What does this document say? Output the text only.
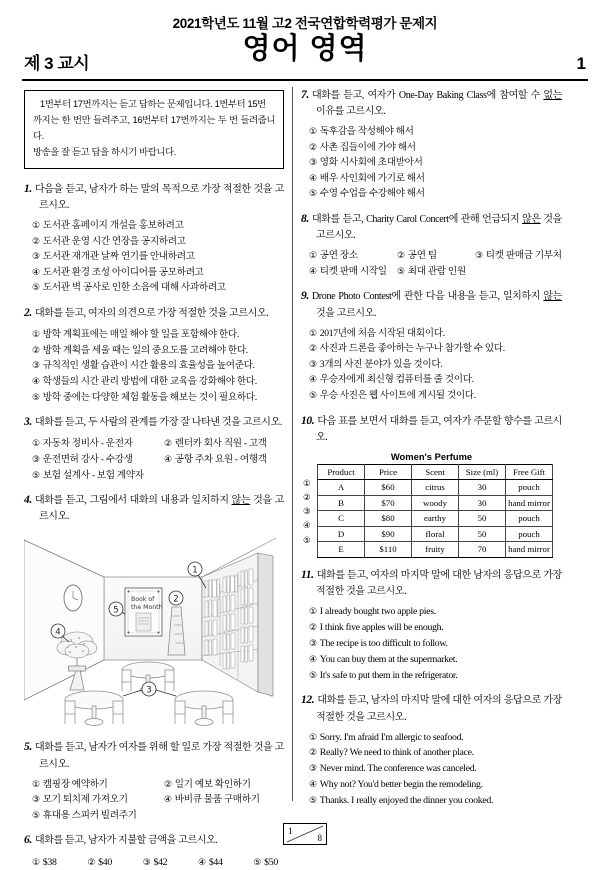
2021학년도 11월 고2 전국연합학력평가 문제지
영어 영역
제 3 교시	1

1번부터 17번까지는 듣고 답하는 문제입니다. 1번부터 15번

까지는 한 번만 들려주고, 16번부터 17번까지는 두 번 들려줍니다.

방송을 잘 듣고 답을 하시기 바랍니다.

1. 다음을 듣고, 남자가 하는 말의 목적으로 가장 적절한 것을 고르시오.
① 도서관 홈페이지 개설을 홍보하려고
② 도서관 운영 시간 연장을 공지하려고
③ 도서관 재개관 날짜 연기를 안내하려고
④ 도서관 환경 조성 아이디어를 공모하려고
⑤ 도서관 벽 공사로 인한 소음에 대해 사과하려고
2. 대화를 듣고, 여자의 의견으로 가장 적절한 것을 고르시오.
① 방학 계획표에는 매일 해야 할 일을 포함해야 한다.
② 방학 계획을 세울 때는 일의 중요도를 고려해야 한다.
③ 규칙적인 생활 습관이 시간 활용의 효율성을 높여준다.
④ 학생들의 시간 관리 방법에 대한 교육을 강화해야 한다.
⑤ 방학 중에는 다양한 체험 활동을 해보는 것이 필요하다.
3. 대화를 듣고, 두 사람의 관계를 가장 잘 나타낸 것을 고르시오.
① 자동차 정비사 - 운전자	② 렌터카 회사 직원 - 고객
③ 운전면허 강사 - 수강생	④ 공항 주차 요원 - 여행객
⑤ 보험 설계사 - 보험 계약자
4. 대화를 듣고, 그림에서 대화의 내용과 일치하지 않는 것을 고르시오.
1
2
Book of
the Month
5
4
3
5. 대화를 듣고, 남자가 여자를 위해 할 일로 가장 적절한 것을 고르시오.
① 캠핑장 예약하기	② 일기 예보 확인하기
③ 모기 퇴치제 가져오기	④ 바비큐 물품 구매하기
⑤ 휴대용 스피커 빌려주기
6. 대화를 듣고, 남자가 지불할 금액을 고르시오.
① $38	② $40	③ $42	④ $44	⑤ $50
7. 대화를 듣고, 여자가 One-Day Baking Class에 참여할 수 없는 이유를 고르시오.
① 독후감을 작성해야 해서
② 사촌 집들이에 가야 해서
③ 영화 시사회에 초대받아서
④ 배우 사인회에 가기로 해서
⑤ 수영 수업을 수강해야 해서
8. 대화를 듣고, Charity Carol Concert에 관해 언급되지 않은 것을 고르시오.
① 공연 장소	② 공연 팀	③ 티켓 판매금 기부처
④ 티켓 판매 시작일	⑤ 최대 관람 인원
9. Drone Photo Contest에 관한 다음 내용을 듣고, 일치하지 않는 것을 고르시오.
① 2017년에 처음 시작된 대회이다.
② 사진과 드론을 좋아하는 누구나 참가할 수 있다.
③ 3개의 사진 분야가 있을 것이다.
④ 우승자에게 최신형 컴퓨터를 줄 것이다.
⑤ 우승 사진은 웹 사이트에 게시될 것이다.
10. 다음 표를 보면서 대화를 듣고, 여자가 주문할 향수를 고르시오.
Women's Perfume
①
②
③
④
⑤
Product	Price	Scent	Size (ml)	Free Gift
A	$60	citrus	30	pouch
B	$70	woody	30	hand mirror
C	$80	earthy	50	pouch
D	$90	floral	50	pouch
E	$110	fruity	70	hand mirror
11. 대화를 듣고, 여자의 마지막 말에 대한 남자의 응답으로 가장 적절한 것을 고르시오.
① I already bought two apple pies.
② I think five apples will be enough.
③ The recipe is too difficult to follow.
④ You can buy them at the supermarket.
⑤ It's safe to put them in the refrigerator.
12. 대화를 듣고, 남자의 마지막 말에 대한 여자의 응답으로 가장 적절한 것을 고르시오.
① Sorry. I'm afraid I'm allergic to seafood.
② Really? We need to think of another place.
③ Never mind. The conference was canceled.
④ Why not? You'd better begin the remodeling.
⑤ Thanks. I really enjoyed the dinner you cooked.
1
8
